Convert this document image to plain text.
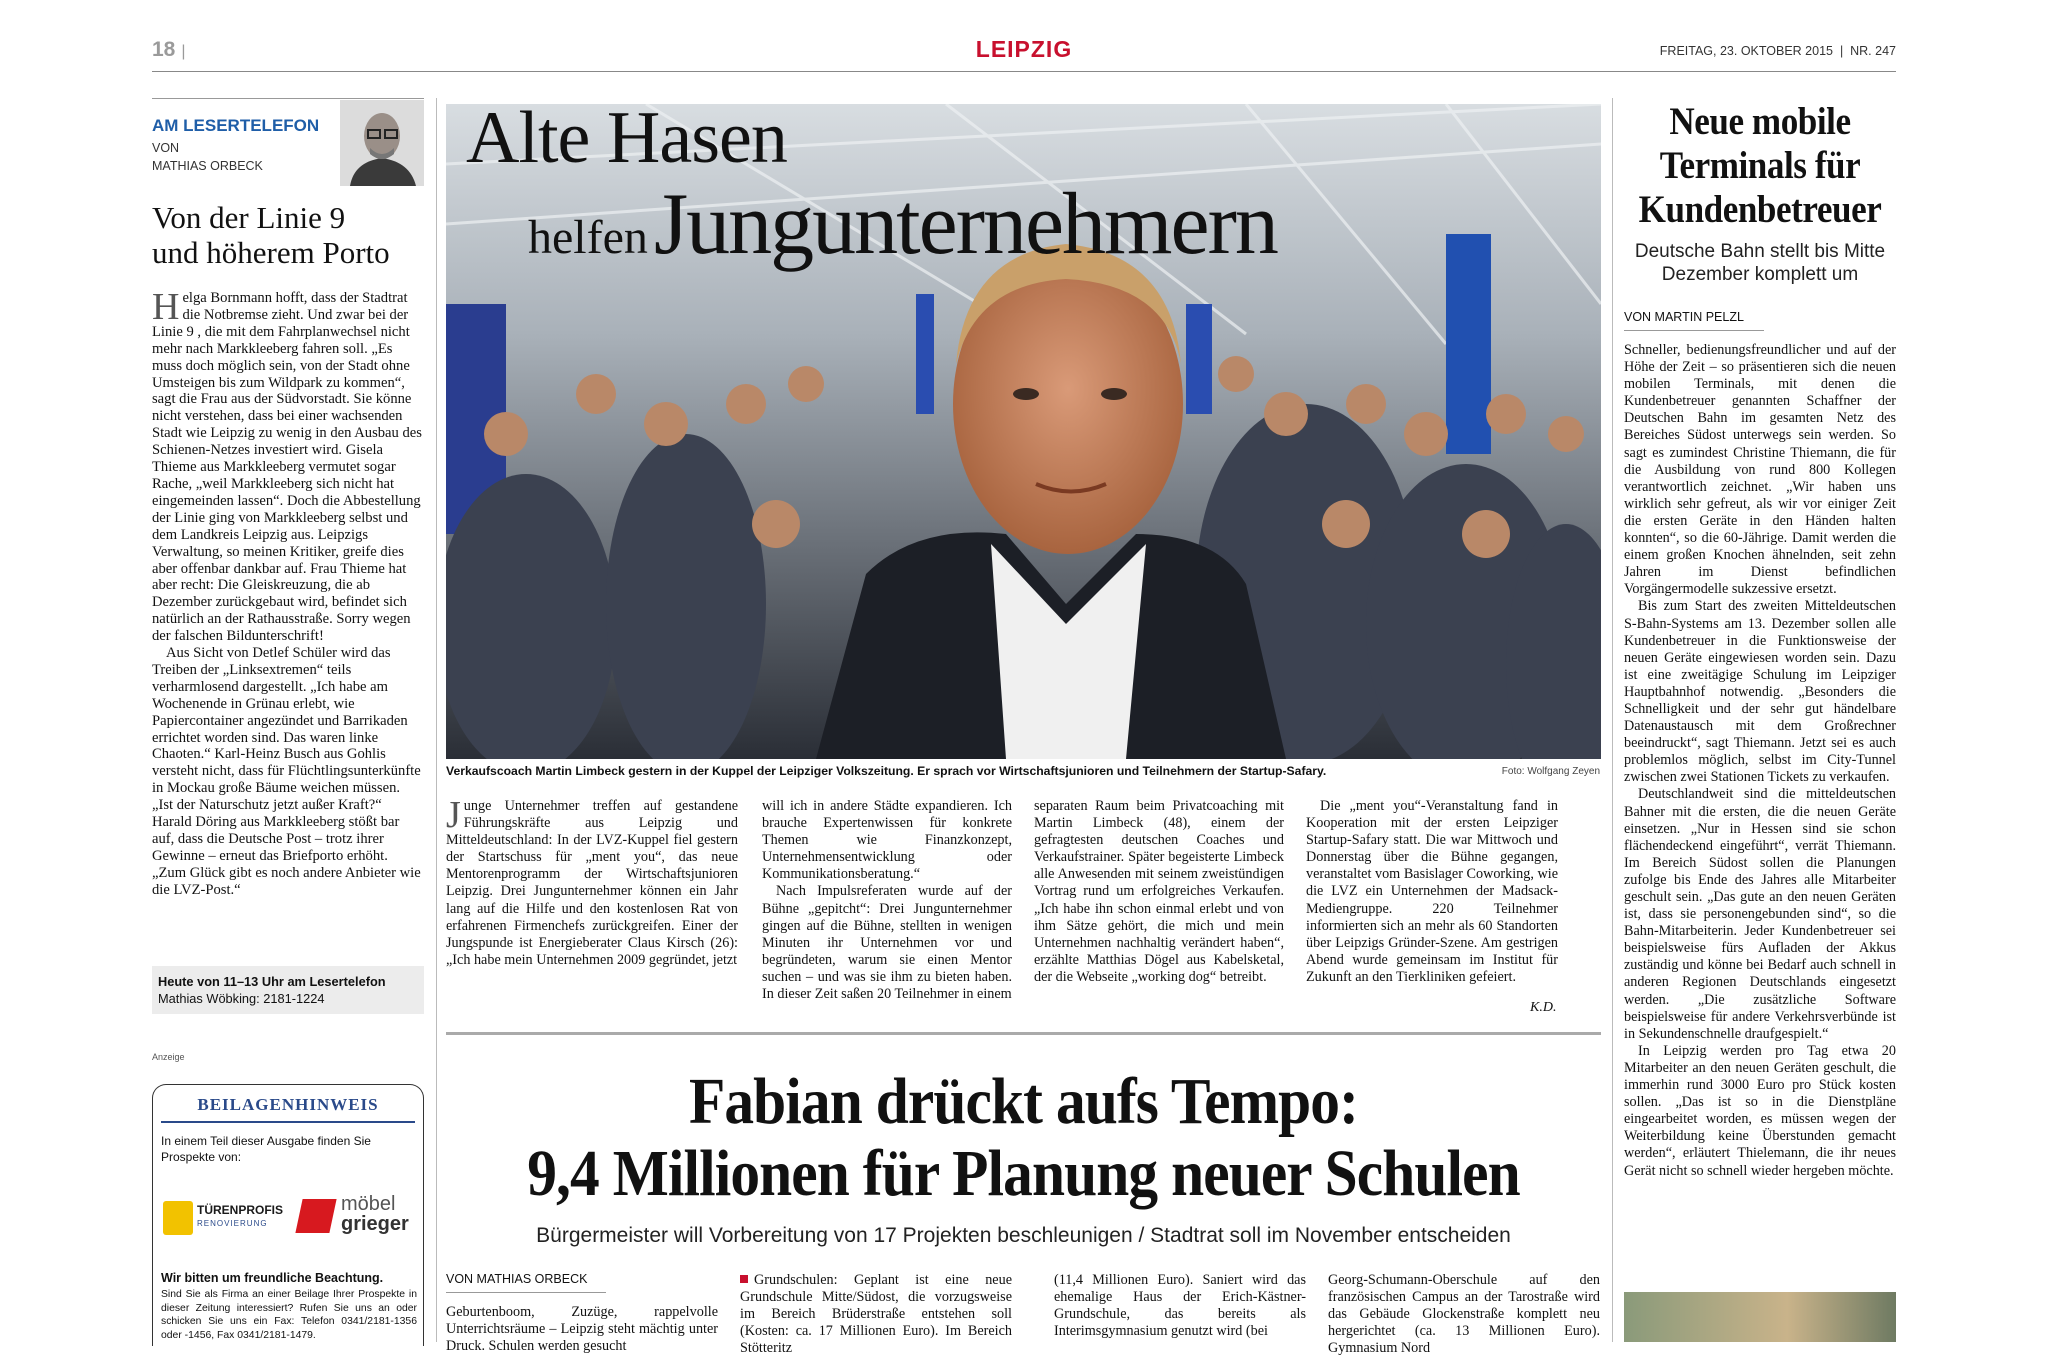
18 |	LEIPZIG	FREITAG, 23. OKTOBER 2015  |  NR. 247
AM LESERTELEFON
VON
MATHIAS ORBECK
Von der Linie 9
und höherem Porto

Helga Bornmann hofft, dass der Stadtrat die Notbremse zieht. Und zwar bei der Linie 9 , die mit dem Fahrplanwechsel nicht mehr nach Markkleeberg fahren soll. „Es muss doch möglich sein, von der Stadt ohne Umsteigen bis zum Wildpark zu kommen“, sagt die Frau aus der Südvorstadt. Sie könne nicht verstehen, dass bei einer wachsenden Stadt wie Leipzig zu wenig in den Ausbau des Schienen-Netzes investiert wird. Gisela Thieme aus Markkleeberg vermutet sogar Rache, „weil Markkleeberg sich nicht hat eingemeinden lassen“. Doch die Abbestellung der Linie ging von Markkleeberg selbst und dem Landkreis Leipzig aus. Leipzigs Verwaltung, so meinen Kritiker, greife dies aber offenbar dankbar auf. Frau Thieme hat aber recht: Die Gleiskreuzung, die ab Dezember zurückgebaut wird, befindet sich natürlich an der Rathausstraße. Sorry wegen der falschen Bildunterschrift!

Aus Sicht von Detlef Schüler wird das Treiben der „Linksextremen“ teils verharmlosend dargestellt. „Ich habe am Wochenende in Grünau erlebt, wie Papiercontainer angezündet und Barrikaden errichtet worden sind. Das waren linke Chaoten.“ Karl-Heinz Busch aus Gohlis versteht nicht, dass für Flüchtlingsunterkünfte in Mockau große Bäume weichen müssen. „Ist der Naturschutz jetzt außer Kraft?“ Harald Döring aus Markkleeberg stößt bar auf, dass die Deutsche Post – trotz ihrer Gewinne – erneut das Briefporto erhöht. „Zum Glück gibt es noch andere Anbieter wie die LVZ-Post.“

Heute von 11–13 Uhr am Lesertelefon
Mathias Wöbking: 2181-1224
Anzeige
BEILAGENHINWEIS
In einem Teil dieser Ausgabe finden Sie Prospekte von:
TÜRENPROFIS
RENOVIERUNG
möbel
grieger
Wir bitten um freundliche Beachtung.
Sind Sie als Firma an einer Beilage Ihrer Prospekte in dieser Zeitung interessiert? Rufen Sie uns an oder schicken Sie uns ein Fax: Telefon 0341/2181-1356 oder -1456, Fax 0341/2181-1479.
Alte Hasen
helfenJungunternehmern
Verkaufscoach Martin Limbeck gestern in der Kuppel der Leipziger Volkszeitung. Er sprach vor Wirtschaftsjunioren und Teilnehmern der Startup-Safary.	Foto: Wolfgang Zeyen

Junge Unternehmer treffen auf gestandene Führungskräfte aus Leipzig und Mitteldeutschland: In der LVZ-Kuppel fiel gestern der Startschuss für „ment you“, das neue Mentorenprogramm der Wirtschaftsjunioren Leipzig. Drei Jungunternehmer können ein Jahr lang auf die Hilfe und den kostenlosen Rat von erfahrenen Firmenchefs zurückgreifen. Einer der Jungspunde ist Energieberater Claus Kirsch (26): „Ich habe mein Unternehmen 2009 gegründet, jetzt

will ich in andere Städte expandieren. Ich brauche Expertenwissen für konkrete Themen wie Finanzkonzept, Unternehmensentwicklung oder Kommunikationsberatung.“

Nach Impulsreferaten wurde auf der Bühne „gepitcht“: Drei Jungunternehmer gingen auf die Bühne, stellten in wenigen Minuten ihr Unternehmen vor und begründeten, warum sie einen Mentor suchen – und was sie ihm zu bieten haben. In dieser Zeit saßen 20 Teilnehmer in einem

separaten Raum beim Privatcoaching mit Martin Limbeck (48), einem der gefragtesten deutschen Coaches und Verkaufstrainer. Später begeisterte Limbeck alle Anwesenden mit seinem zweistündigen Vortrag rund um erfolgreiches Verkaufen. „Ich habe ihn schon einmal erlebt und von ihm Sätze gehört, die mich und mein Unternehmen nachhaltig verändert haben“, erzählte Matthias Dögel aus Kabelsketal, der die Webseite „working dog“ betreibt.

Die „ment you“-Veranstaltung fand in Kooperation mit der ersten Leipziger Startup-Safary statt. Die war Mittwoch und Donnerstag über die Bühne gegangen, veranstaltet vom Basislager Coworking, wie die LVZ ein Unternehmen der Madsack-Mediengruppe. 220 Teilnehmer informierten sich an mehr als 60 Standorten über Leipzigs Gründer-Szene. Am gestrigen Abend wurde gemeinsam im Institut für Zukunft an den Tierkliniken gefeiert.

K.D.
Fabian drückt aufs Tempo:
9,4 Millionen für Planung neuer Schulen
Bürgermeister will Vorbereitung von 17 Projekten beschleunigen / Stadtrat soll im November entscheiden
VON MATHIAS ORBECK

Geburtenboom, Zuzüge, rappelvolle Unterrichtsräume – Leipzig steht mächtig unter Druck. Schulen werden gesucht

Grundschulen: Geplant ist eine neue Grundschule Mitte/Südost, die vorzugsweise im Bereich Brüderstraße entstehen soll (Kosten: ca. 17 Millionen Euro). Im Bereich Stötteritz

(11,4 Millionen Euro). Saniert wird das ehemalige Haus der Erich-Kästner-Grundschule, das bereits als Interimsgymnasium genutzt wird (bei

Georg-Schumann-Oberschule auf den französischen Campus an der Tarostraße wird das Gebäude Glockenstraße komplett neu hergerichtet (ca. 13 Millionen Euro). Gymnasium Nord

Neue mobile
Terminals für
Kundenbetreuer
Deutsche Bahn stellt bis Mitte Dezember komplett um
VON MARTIN PELZL

Schneller, bedienungsfreundlicher und auf der Höhe der Zeit – so präsentieren sich die neuen mobilen Terminals, mit denen die Kundenbetreuer genannten Schaffner der Deutschen Bahn im gesamten Netz des Bereiches Südost unterwegs sein werden. So sagt es zumindest Christine Thiemann, die für die Ausbildung von rund 800 Kollegen verantwortlich zeichnet. „Wir haben uns wirklich sehr gefreut, als wir vor einiger Zeit die ersten Geräte in den Händen halten konnten“, so die 60-Jährige. Damit werden die einem großen Knochen ähnelnden, seit zehn Jahren im Dienst befindlichen Vorgängermodelle sukzessive ersetzt.

Bis zum Start des zweiten Mitteldeutschen S-Bahn-Systems am 13. Dezember sollen alle Kundenbetreuer in die Funktionsweise der neuen Geräte eingewiesen worden sein. Dazu ist eine zweitägige Schulung im Leipziger Hauptbahnhof notwendig. „Besonders die Schnelligkeit und der sehr gut händelbare Datenaustausch mit dem Großrechner beeindruckt“, sagt Thiemann. Jetzt sei es auch problemlos möglich, selbst im City-Tunnel zwischen zwei Stationen Tickets zu verkaufen.

Deutschlandweit sind die mitteldeutschen Bahner mit die ersten, die die neuen Geräte einsetzen. „Nur in Hessen sind sie schon flächendeckend eingeführt“, verrät Thiemann. Im Bereich Südost sollen die Planungen zufolge bis Ende des Jahres alle Mitarbeiter geschult sein. „Das gute an den neuen Geräten ist, dass sie personengebunden sind“, so die Bahn-Mitarbeiterin. Jeder Kundenbetreuer sei beispielsweise fürs Aufladen der Akkus zuständig und könne bei Bedarf auch schnell in anderen Regionen Deutschlands eingesetzt werden. „Die zusätzliche Software beispielsweise für andere Verkehrsverbünde ist in Sekundenschnelle draufgespielt.“

In Leipzig werden pro Tag etwa 20 Mitarbeiter an den neuen Geräten geschult, die immerhin rund 3000 Euro pro Stück kosten sollen. „Das ist so in die Dienstpläne eingearbeitet worden, es müssen wegen der Weiterbildung keine Überstunden gemacht werden“, erläutert Thielemann, die ihr neues Gerät nicht so schnell wieder hergeben möchte.
